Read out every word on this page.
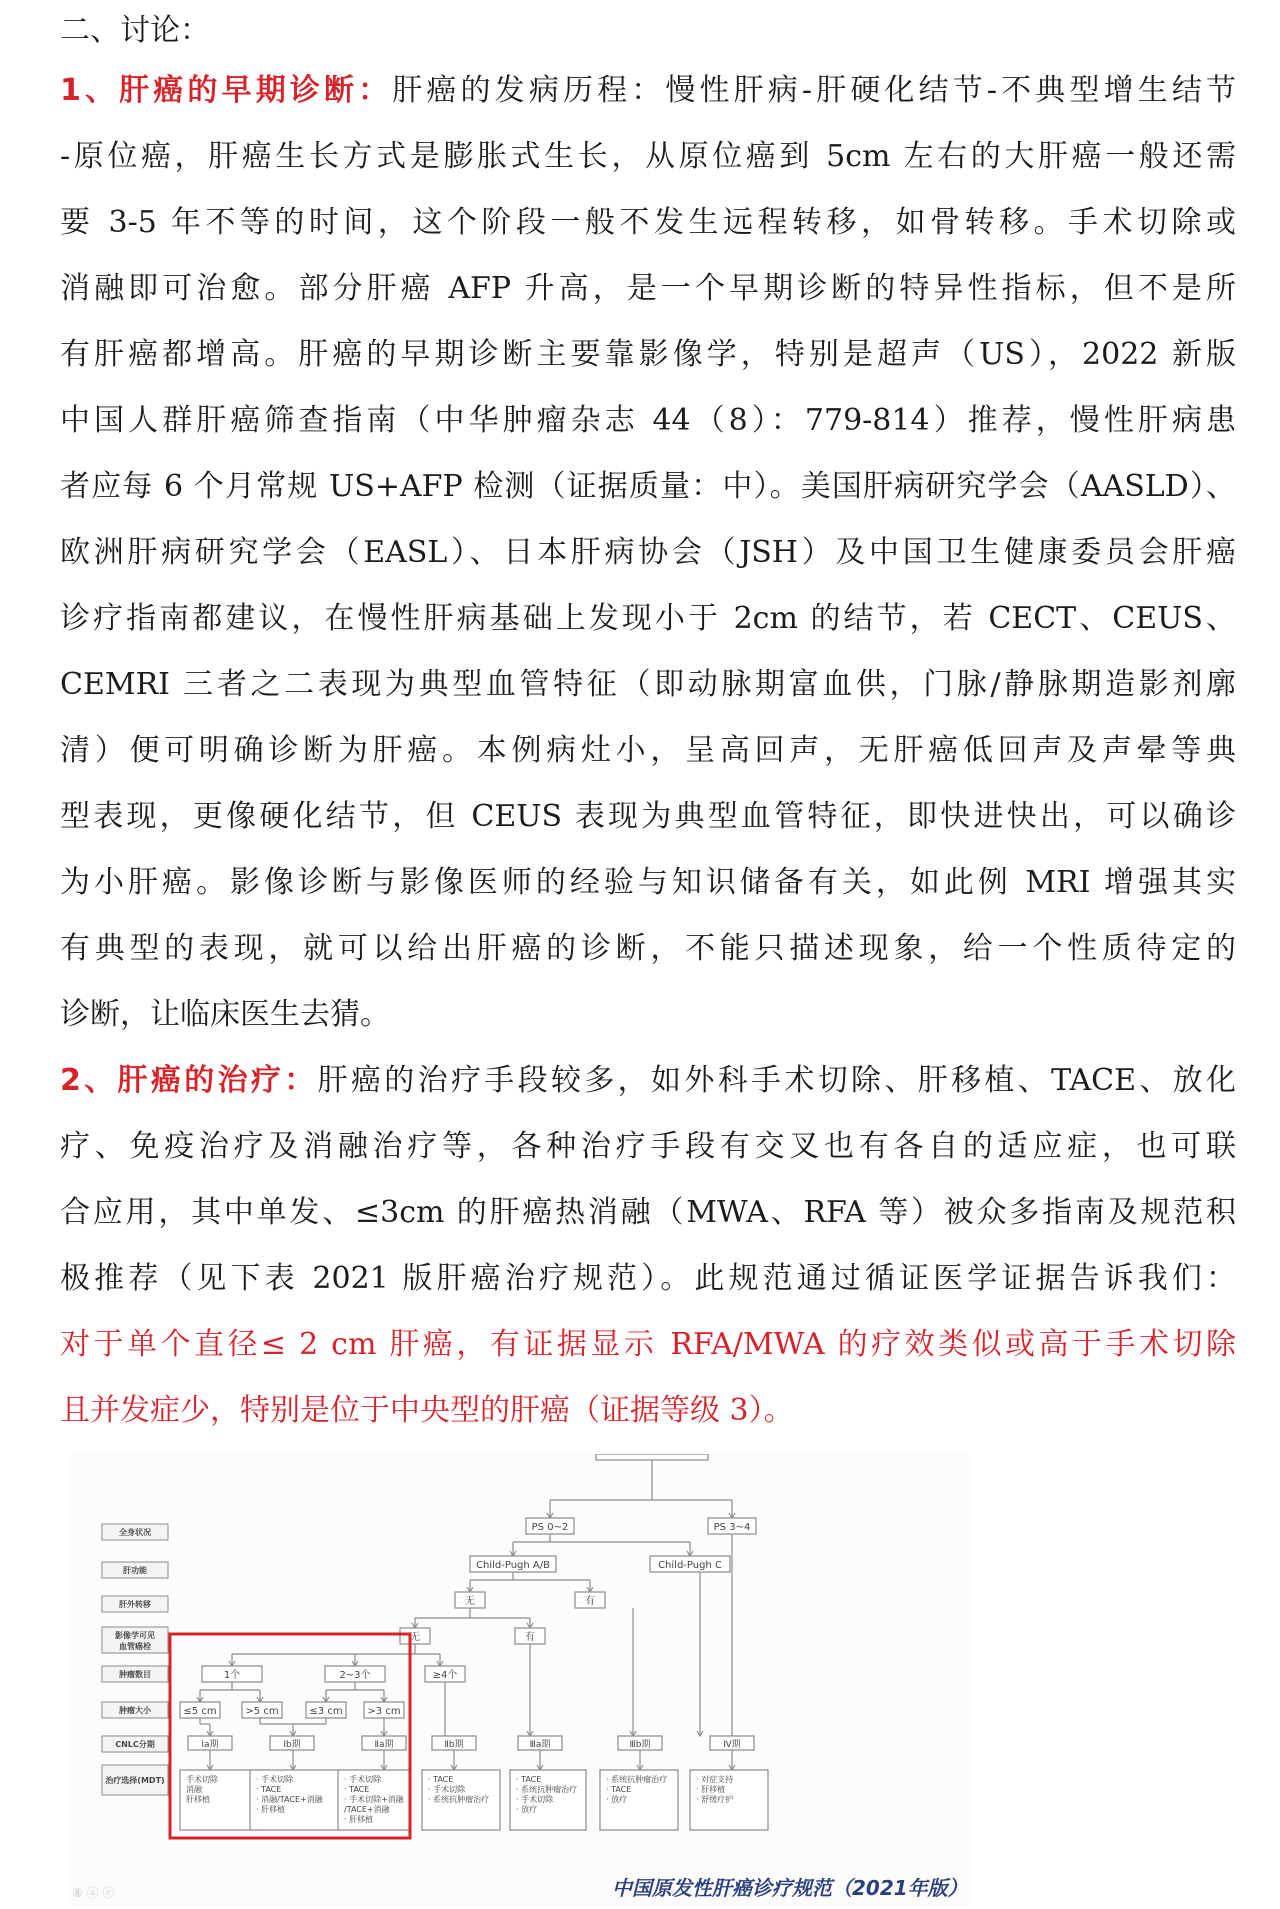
二、讨论：
1、肝癌的早期诊断：肝癌的发病历程：慢性肝病-肝硬化结节-不典型增生结节
-原位癌，肝癌生长方式是膨胀式生长，从原位癌到 5cm 左右的大肝癌一般还需
要 3-5 年不等的时间，这个阶段一般不发生远程转移，如骨转移。手术切除或
消融即可治愈。部分肝癌 AFP 升高，是一个早期诊断的特异性指标，但不是所
有肝癌都增高。肝癌的早期诊断主要靠影像学，特别是超声（US），2022 新版
中国人群肝癌筛查指南（中华肿瘤杂志 44（8）：779-814）推荐，慢性肝病患
者应每 6 个月常规 US+AFP 检测（证据质量：中）。美国肝病研究学会（AASLD）、
欧洲肝病研究学会（EASL）、日本肝病协会（JSH）及中国卫生健康委员会肝癌
诊疗指南都建议，在慢性肝病基础上发现小于 2cm 的结节，若 CECT、CEUS、
CEMRI 三者之二表现为典型血管特征（即动脉期富血供，门脉/静脉期造影剂廓
清）便可明确诊断为肝癌。本例病灶小，呈高回声，无肝癌低回声及声晕等典
型表现，更像硬化结节，但 CEUS 表现为典型血管特征，即快进快出，可以确诊
为小肝癌。影像诊断与影像医师的经验与知识储备有关，如此例 MRI 增强其实
有典型的表现，就可以给出肝癌的诊断，不能只描述现象，给一个性质待定的
诊断，让临床医生去猜。
2、肝癌的治疗：肝癌的治疗手段较多，如外科手术切除、肝移植、TACE、放化
疗、免疫治疗及消融治疗等，各种治疗手段有交叉也有各自的适应症，也可联
合应用，其中单发、≤3cm 的肝癌热消融（MWA、RFA 等）被众多指南及规范积
极推荐（见下表 2021 版肝癌治疗规范）。此规范通过循证医学证据告诉我们：
对于单个直径≤ 2 cm 肝癌，有证据显示 RFA/MWA 的疗效类似或高于手术切除
且并发症少，特别是位于中央型的肝癌（证据等级 3）。
全身状况
肝功能
肝外转移
影像学可见
血管癌栓
肿瘤数目
肿瘤大小
CNLC分期
治疗选择(MDT)
PS 0~2	PS 3~4
Child-Pugh A/B	Child-Pugh C
无	有
无	有
1个	2~3个	≥4个
≤5 cm	>5 cm	≤3 cm >3 cm
Ⅰa期	Ⅰb期	Ⅱa期	Ⅱb期	Ⅲa期	Ⅲb期	Ⅳ期
手术切除
消融
肝移植
· 手术切除
· TACE
· 消融/TACE+消融
· 肝移植
· 手术切除
· TACE
· 手术切除+消融
/TACE+消融
· 肝移植
· TACE
· 手术切除
· 系统抗肿瘤治疗
· TACE
· 系统抗肿瘤治疗
· 手术切除
· 放疗
· 系统抗肿瘤治疗
· TACE
· 放疗
· 对症支持
· 肝移植
· 舒缓疗护
中国原发性肝癌诊疗规范（2021年版）
⑧ ⓐ ⓔ
